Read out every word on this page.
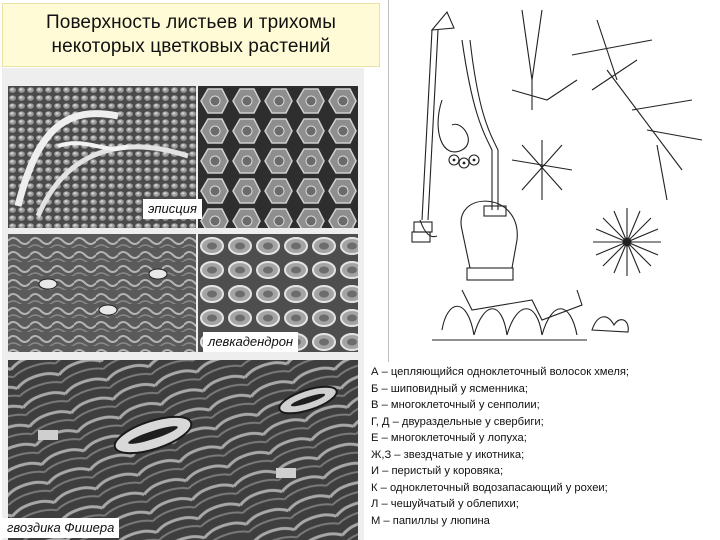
Поверхность листьев и трихомы
некоторых цветковых растений
эписция
левкадендрон
гвоздика Фишера
А – цепляющийся одноклеточный волосок хмеля;
Б – шиповидный у ясменника;
В – многоклеточный у сенполии;
Г, Д – двураздельные у свербиги;
Е – многоклеточный у лопуха;
Ж,З – звездчатые у икотника;
И – перистый у коровяка;
К – одноклеточный водозапасающий у рохеи;
Л – чешуйчатый у облепихи;
М – папиллы у люпина
